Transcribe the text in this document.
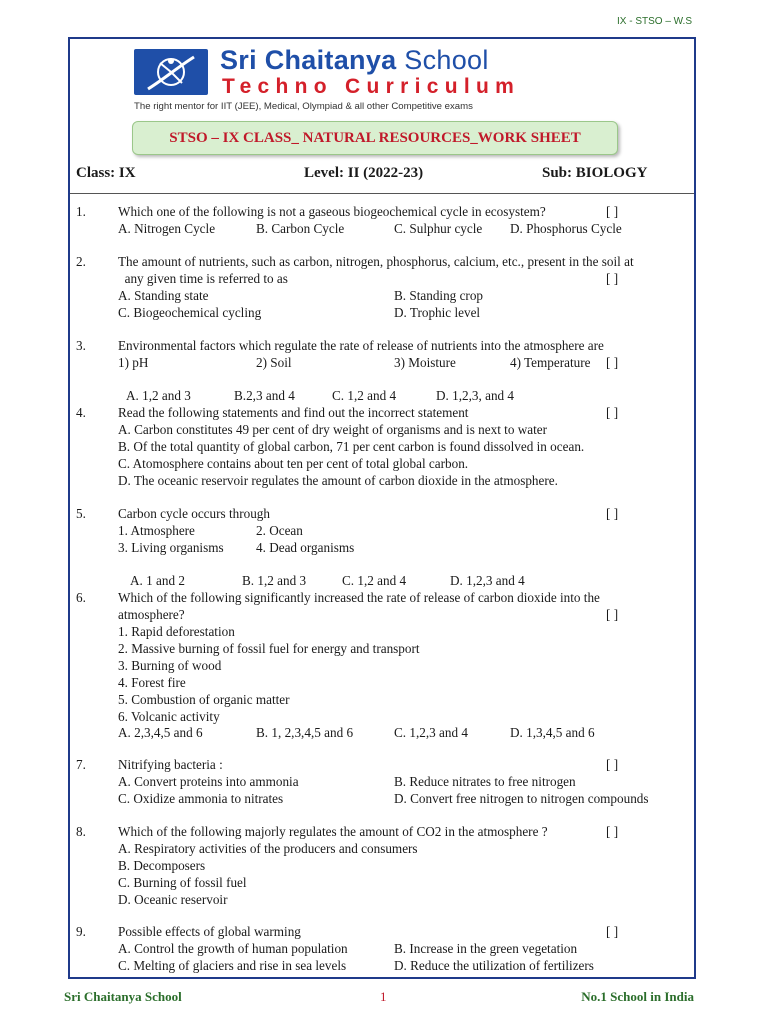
IX - STSO – W.S
Sri Chaitanya School
Techno Curriculum
The right mentor for IIT (JEE), Medical, Olympiad & all other Competitive exams
STSO – IX CLASS_ NATURAL RESOURCES_WORK SHEET
Class: IX	Level: II (2022-23)	Sub: BIOLOGY
1. Which one of the following is not a gaseous biogeochemical cycle in ecosystem?	[ ]
A. Nitrogen Cycle	B. Carbon Cycle	C. Sulphur cycle D. Phosphorus Cycle
2. The amount of nutrients, such as carbon, nitrogen, phosphorus, calcium, etc., present in the soil at
any given time is referred to as	[ ]
A. Standing state	B. Standing crop
C. Biogeochemical cycling	D. Trophic level
3. Environmental factors which regulate the rate of release of nutrients into the atmosphere are
1) pH	2) Soil	3) Moisture	4) Temperature [ ]
A. 1,2 and 3	B.2,3 and 4	C. 1,2 and 4	D. 1,2,3, and 4
4. Read the following statements and find out the incorrect statement	[ ]
A. Carbon constitutes 49 per cent of dry weight of organisms and is next to water
B. Of the total quantity of global carbon, 71 per cent carbon is found dissolved in ocean.
C. Atomosphere contains about ten per cent of total global carbon.
D. The oceanic reservoir regulates the amount of carbon dioxide in the atmosphere.
5. Carbon cycle occurs through	[ ]
1. Atmosphere	2. Ocean
3. Living organisms 4. Dead organisms
A. 1 and 2	B. 1,2 and 3	C. 1,2 and 4	D. 1,2,3 and 4
6. Which of the following significantly increased the rate of release of carbon dioxide into the
atmosphere?	[ ]
1. Rapid deforestation
2. Massive burning of fossil fuel for energy and transport
3. Burning of wood
4. Forest fire
5. Combustion of organic matter
6. Volcanic activity
A. 2,3,4,5 and 6	B. 1, 2,3,4,5 and 6	C. 1,2,3 and 4	D. 1,3,4,5 and 6
7. Nitrifying bacteria :	[ ]
A. Convert proteins into ammonia	B. Reduce nitrates to free nitrogen
C. Oxidize ammonia to nitrates	D. Convert free nitrogen to nitrogen compounds
8. Which of the following majorly regulates the amount of CO2 in the atmosphere ?	[ ]
A. Respiratory activities of the producers and consumers
B. Decomposers
C. Burning of fossil fuel
D. Oceanic reservoir
9. Possible effects of global warming	[ ]
A. Control the growth of human population	B. Increase in the green vegetation
C. Melting of glaciers and rise in sea levels	D. Reduce the utilization of fertilizers
Sri Chaitanya School	1	No.1 School in India
